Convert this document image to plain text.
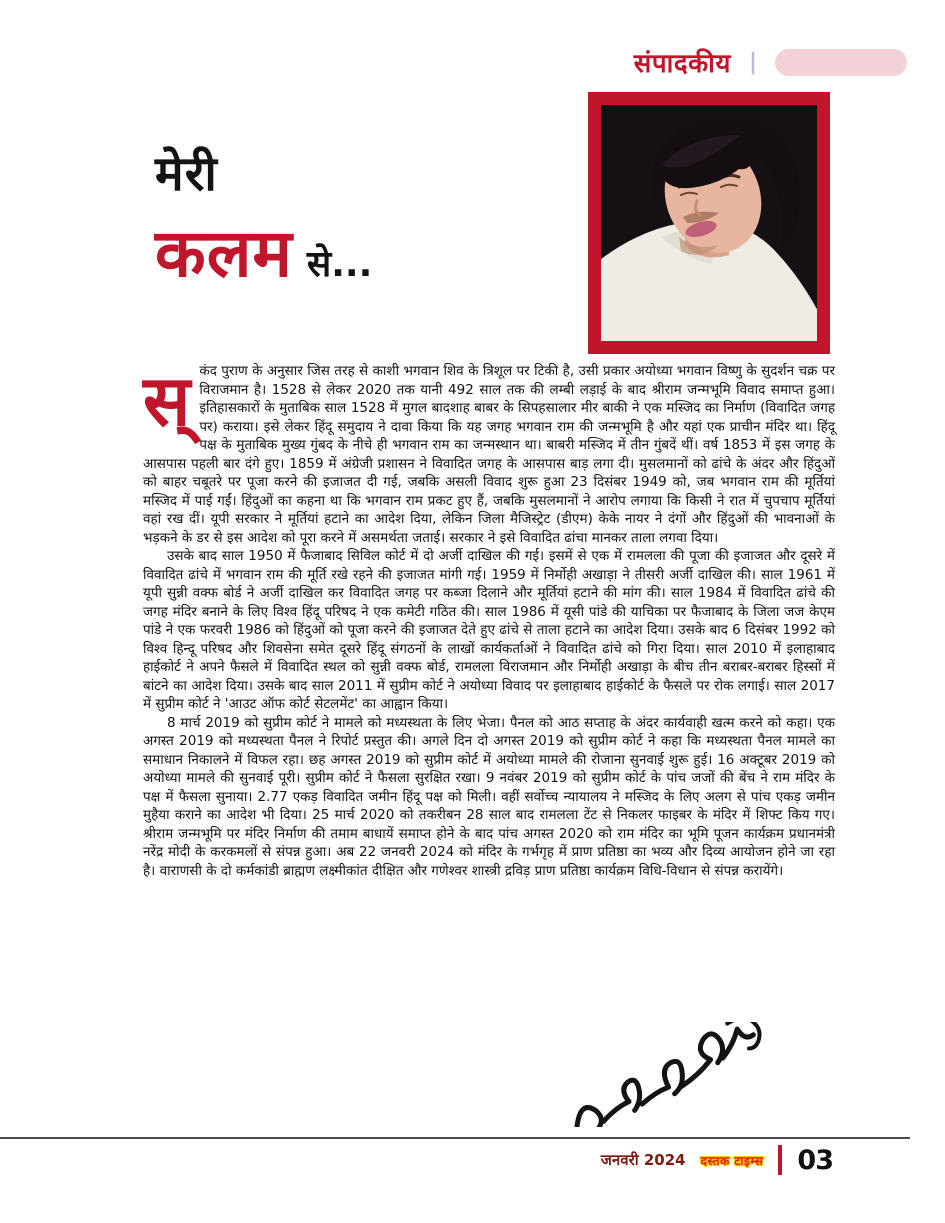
संपादकीय |
मेरी
कलम से...

स्कंद पुराण के अनुसार जिस तरह से काशी भगवान शिव के त्रिशूल पर टिकी है, उसी प्रकार अयोध्या भगवान विष्णु के सुदर्शन चक्र पर विराजमान है। 1528 से लेकर 2020 तक यानी 492 साल तक की लम्बी लड़ाई के बाद श्रीराम जन्मभूमि विवाद समाप्त हुआ। इतिहासकारों के मुताबिक साल 1528 में मुगल बादशाह बाबर के सिपहसालार मीर बाकी ने एक मस्जिद का निर्माण (विवादित जगह पर) कराया। इसे लेकर हिंदू समुदाय ने दावा किया कि यह जगह भगवान राम की जन्मभूमि है और यहां एक प्राचीन मंदिर था। हिंदू पक्ष के मुताबिक मुख्य गुंबद के नीचे ही भगवान राम का जन्मस्थान था। बाबरी मस्जिद में तीन गुंबदें थीं। वर्ष 1853 में इस जगह के आसपास पहली बार दंगे हुए। 1859 में अंग्रेजी प्रशासन ने विवादित जगह के आसपास बाड़ लगा दी। मुसलमानों को ढांचे के अंदर और हिंदुओं को बाहर चबूतरे पर पूजा करने की इजाजत दी गई, जबकि असली विवाद शुरू हुआ 23 दिसंबर 1949 को, जब भगवान राम की मूर्तियां मस्जिद में पाई गईं। हिंदुओं का कहना था कि भगवान राम प्रकट हुए हैं, जबकि मुसलमानों ने आरोप लगाया कि किसी ने रात में चुपचाप मूर्तियां वहां रख दीं। यूपी सरकार ने मूर्तियां हटाने का आदेश दिया, लेकिन जिला मैजिस्ट्रेट (डीएम) केके नायर ने दंगों और हिंदुओं की भावनाओं के भड़कने के डर से इस आदेश को पूरा करने में असमर्थता जताई। सरकार ने इसे विवादित ढांचा मानकर ताला लगवा दिया।

उसके बाद साल 1950 में फैजाबाद सिविल कोर्ट में दो अर्जी दाखिल की गई। इसमें से एक में रामलला की पूजा की इजाजत और दूसरे में विवादित ढांचे में भगवान राम की मूर्ति रखे रहने की इजाजत मांगी गई। 1959 में निर्मोही अखाड़ा ने तीसरी अर्जी दाखिल की। साल 1961 में यूपी सुन्नी वक्फ बोर्ड ने अर्जी दाखिल कर विवादित जगह पर कब्जा दिलाने और मूर्तियां हटाने की मांग की। साल 1984 में विवादित ढांचे की जगह मंदिर बनाने के लिए विश्व हिंदू परिषद ने एक कमेटी गठित की। साल 1986 में यूसी पांडे की याचिका पर फैजाबाद के जिला जज केएम पांडे ने एक फरवरी 1986 को हिंदुओं को पूजा करने की इजाजत देते हुए ढांचे से ताला हटाने का आदेश दिया। उसके बाद 6 दिसंबर 1992 को विश्व हिन्दू परिषद और शिवसेना समेत दूसरे हिंदू संगठनों के लाखों कार्यकर्ताओं ने विवादित ढांचे को गिरा दिया। साल 2010 में इलाहाबाद हाईकोर्ट ने अपने फैसले में विवादित स्थल को सुन्नी वक्फ बोर्ड, रामलला विराजमान और निर्मोही अखाड़ा के बीच तीन बराबर-बराबर हिस्सों में बांटने का आदेश दिया। उसके बाद साल 2011 में सुप्रीम कोर्ट ने अयोध्या विवाद पर इलाहाबाद हाईकोर्ट के फैसले पर रोक लगाई। साल 2017 में सुप्रीम कोर्ट ने 'आउट ऑफ कोर्ट सेटलमेंट' का आह्वान किया।

8 मार्च 2019 को सुप्रीम कोर्ट ने मामले को मध्यस्थता के लिए भेजा। पैनल को आठ सप्ताह के अंदर कार्यवाही खत्म करने को कहा। एक अगस्त 2019 को मध्यस्थता पैनल ने रिपोर्ट प्रस्तुत की। अगले दिन दो अगस्त 2019 को सुप्रीम कोर्ट ने कहा कि मध्यस्थता पैनल मामले का समाधान निकालने में विफल रहा। छह अगस्त 2019 को सुप्रीम कोर्ट में अयोध्या मामले की रोजाना सुनवाई शुरू हुई। 16 अक्टूबर 2019 को अयोध्या मामले की सुनवाई पूरी। सुप्रीम कोर्ट ने फैसला सुरक्षित रखा। 9 नवंबर 2019 को सुप्रीम कोर्ट के पांच जजों की बेंच ने राम मंदिर के पक्ष में फैसला सुनाया। 2.77 एकड़ विवादित जमीन हिंदू पक्ष को मिली। वहीं सर्वोच्च न्यायालय ने मस्जिद के लिए अलग से पांच एकड़ जमीन मुहैया कराने का आदेश भी दिया। 25 मार्च 2020 को तकरीबन 28 साल बाद रामलला टेंट से निकलर फाइबर के मंदिर में शिफ्ट किय गए। श्रीराम जन्मभूमि पर मंदिर निर्माण की तमाम बाधायें समाप्त होने के बाद पांच अगस्त 2020 को राम मंदिर का भूमि पूजन कार्यक्रम प्रधानमंत्री नरेंद्र मोदी के करकमलों से संपन्न हुआ। अब 22 जनवरी 2024 को मंदिर के गर्भगृह में प्राण प्रतिष्ठा का भव्य और दिव्य आयोजन होने जा रहा है। वाराणसी के दो कर्मकांडी ब्राह्मण लक्ष्मीकांत दीक्षित और गणेश्वर शास्त्री द्रविड़ प्राण प्रतिष्ठा कार्यक्रम विधि-विधान से संपन्न करायेंगे।

जनवरी 2024 दस्तक टाइम्स 03
